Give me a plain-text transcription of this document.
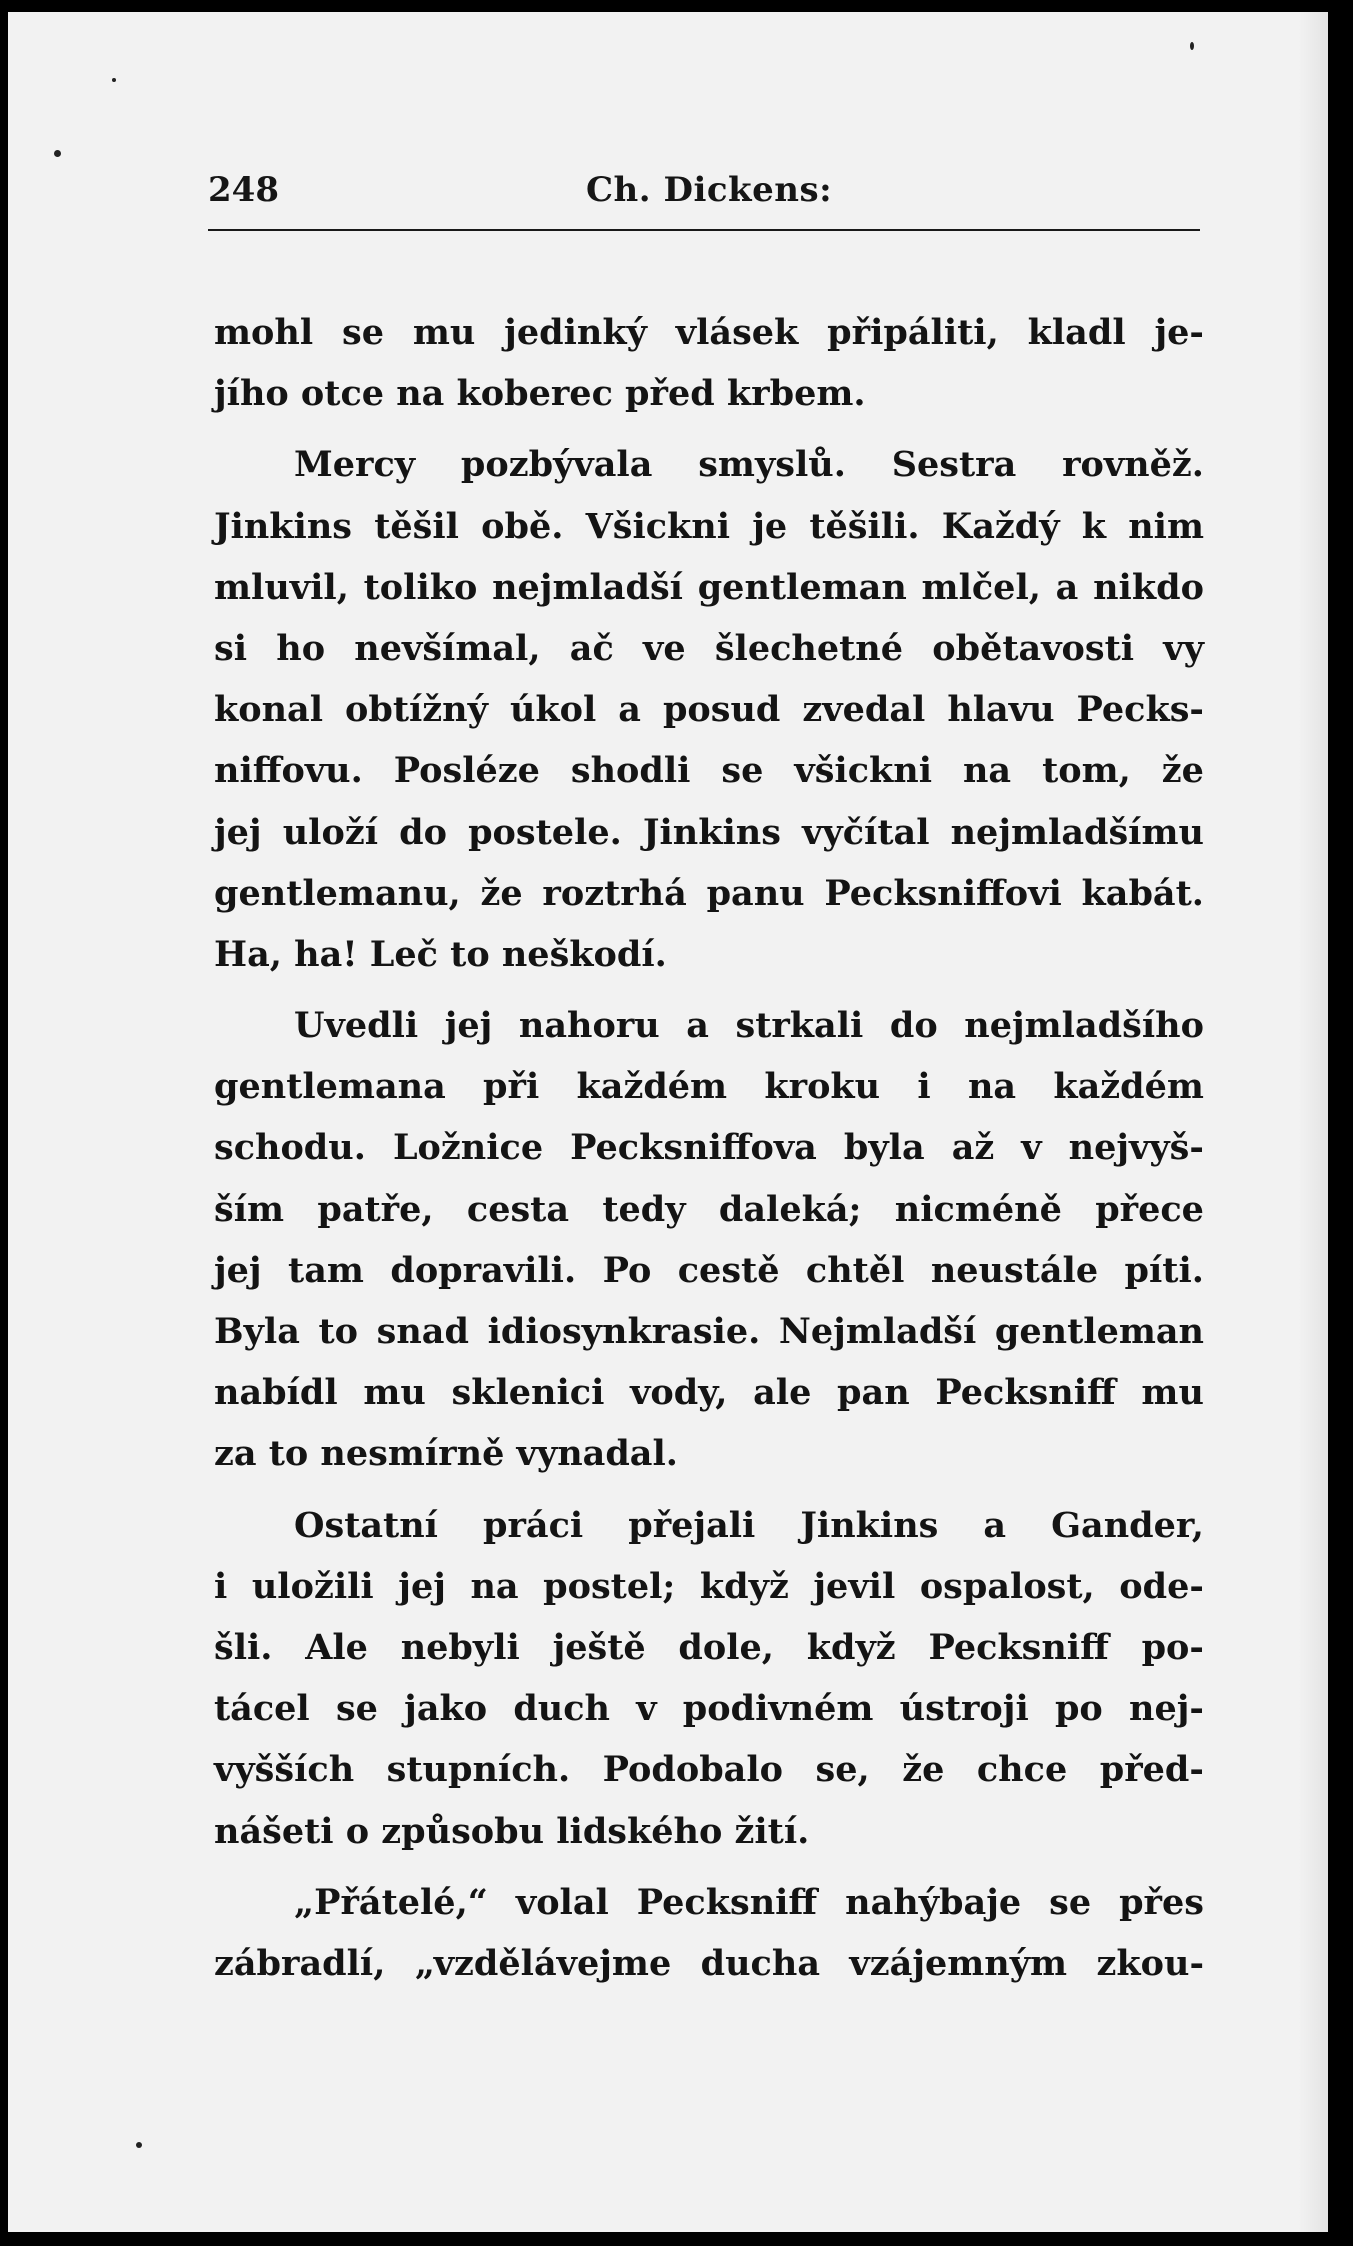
248	Ch. Dickens:
mohl se mu jedinký vlásek připáliti, kladl je-
jího otce na koberec před krbem.
Mercy pozbývala smyslů. Sestra rovněž.
Jinkins těšil obě. Všickni je těšili. Každý k nim
mluvil, toliko nejmladší gentleman mlčel, a nikdo
si ho nevšímal, ač ve šlechetné obětavosti vy
konal obtížný úkol a posud zvedal hlavu Pecks-
niffovu. Posléze shodli se všickni na tom, že
jej uloží do postele. Jinkins vyčítal nejmladšímu
gentlemanu, že roztrhá panu Pecksniffovi kabát.
Ha, ha! Leč to neškodí.
Uvedli jej nahoru a strkali do nejmladšího
gentlemana při každém kroku i na každém
schodu. Ložnice Pecksniffova byla až v nejvyš-
ším patře, cesta tedy daleká; nicméně přece
jej tam dopravili. Po cestě chtěl neustále píti.
Byla to snad idiosynkrasie. Nejmladší gentleman
nabídl mu sklenici vody, ale pan Pecksniff mu
za to nesmírně vynadal.
Ostatní práci přejali Jinkins a Gander,
i uložili jej na postel; když jevil ospalost, ode-
šli. Ale nebyli ještě dole, když Pecksniff po-
tácel se jako duch v podivném ústroji po nej-
vyšších stupních. Podobalo se, že chce před-
nášeti o způsobu lidského žití.
„Přátelé,“ volal Pecksniff nahýbaje se přes
zábradlí, „vzdělávejme ducha vzájemným zkou-
